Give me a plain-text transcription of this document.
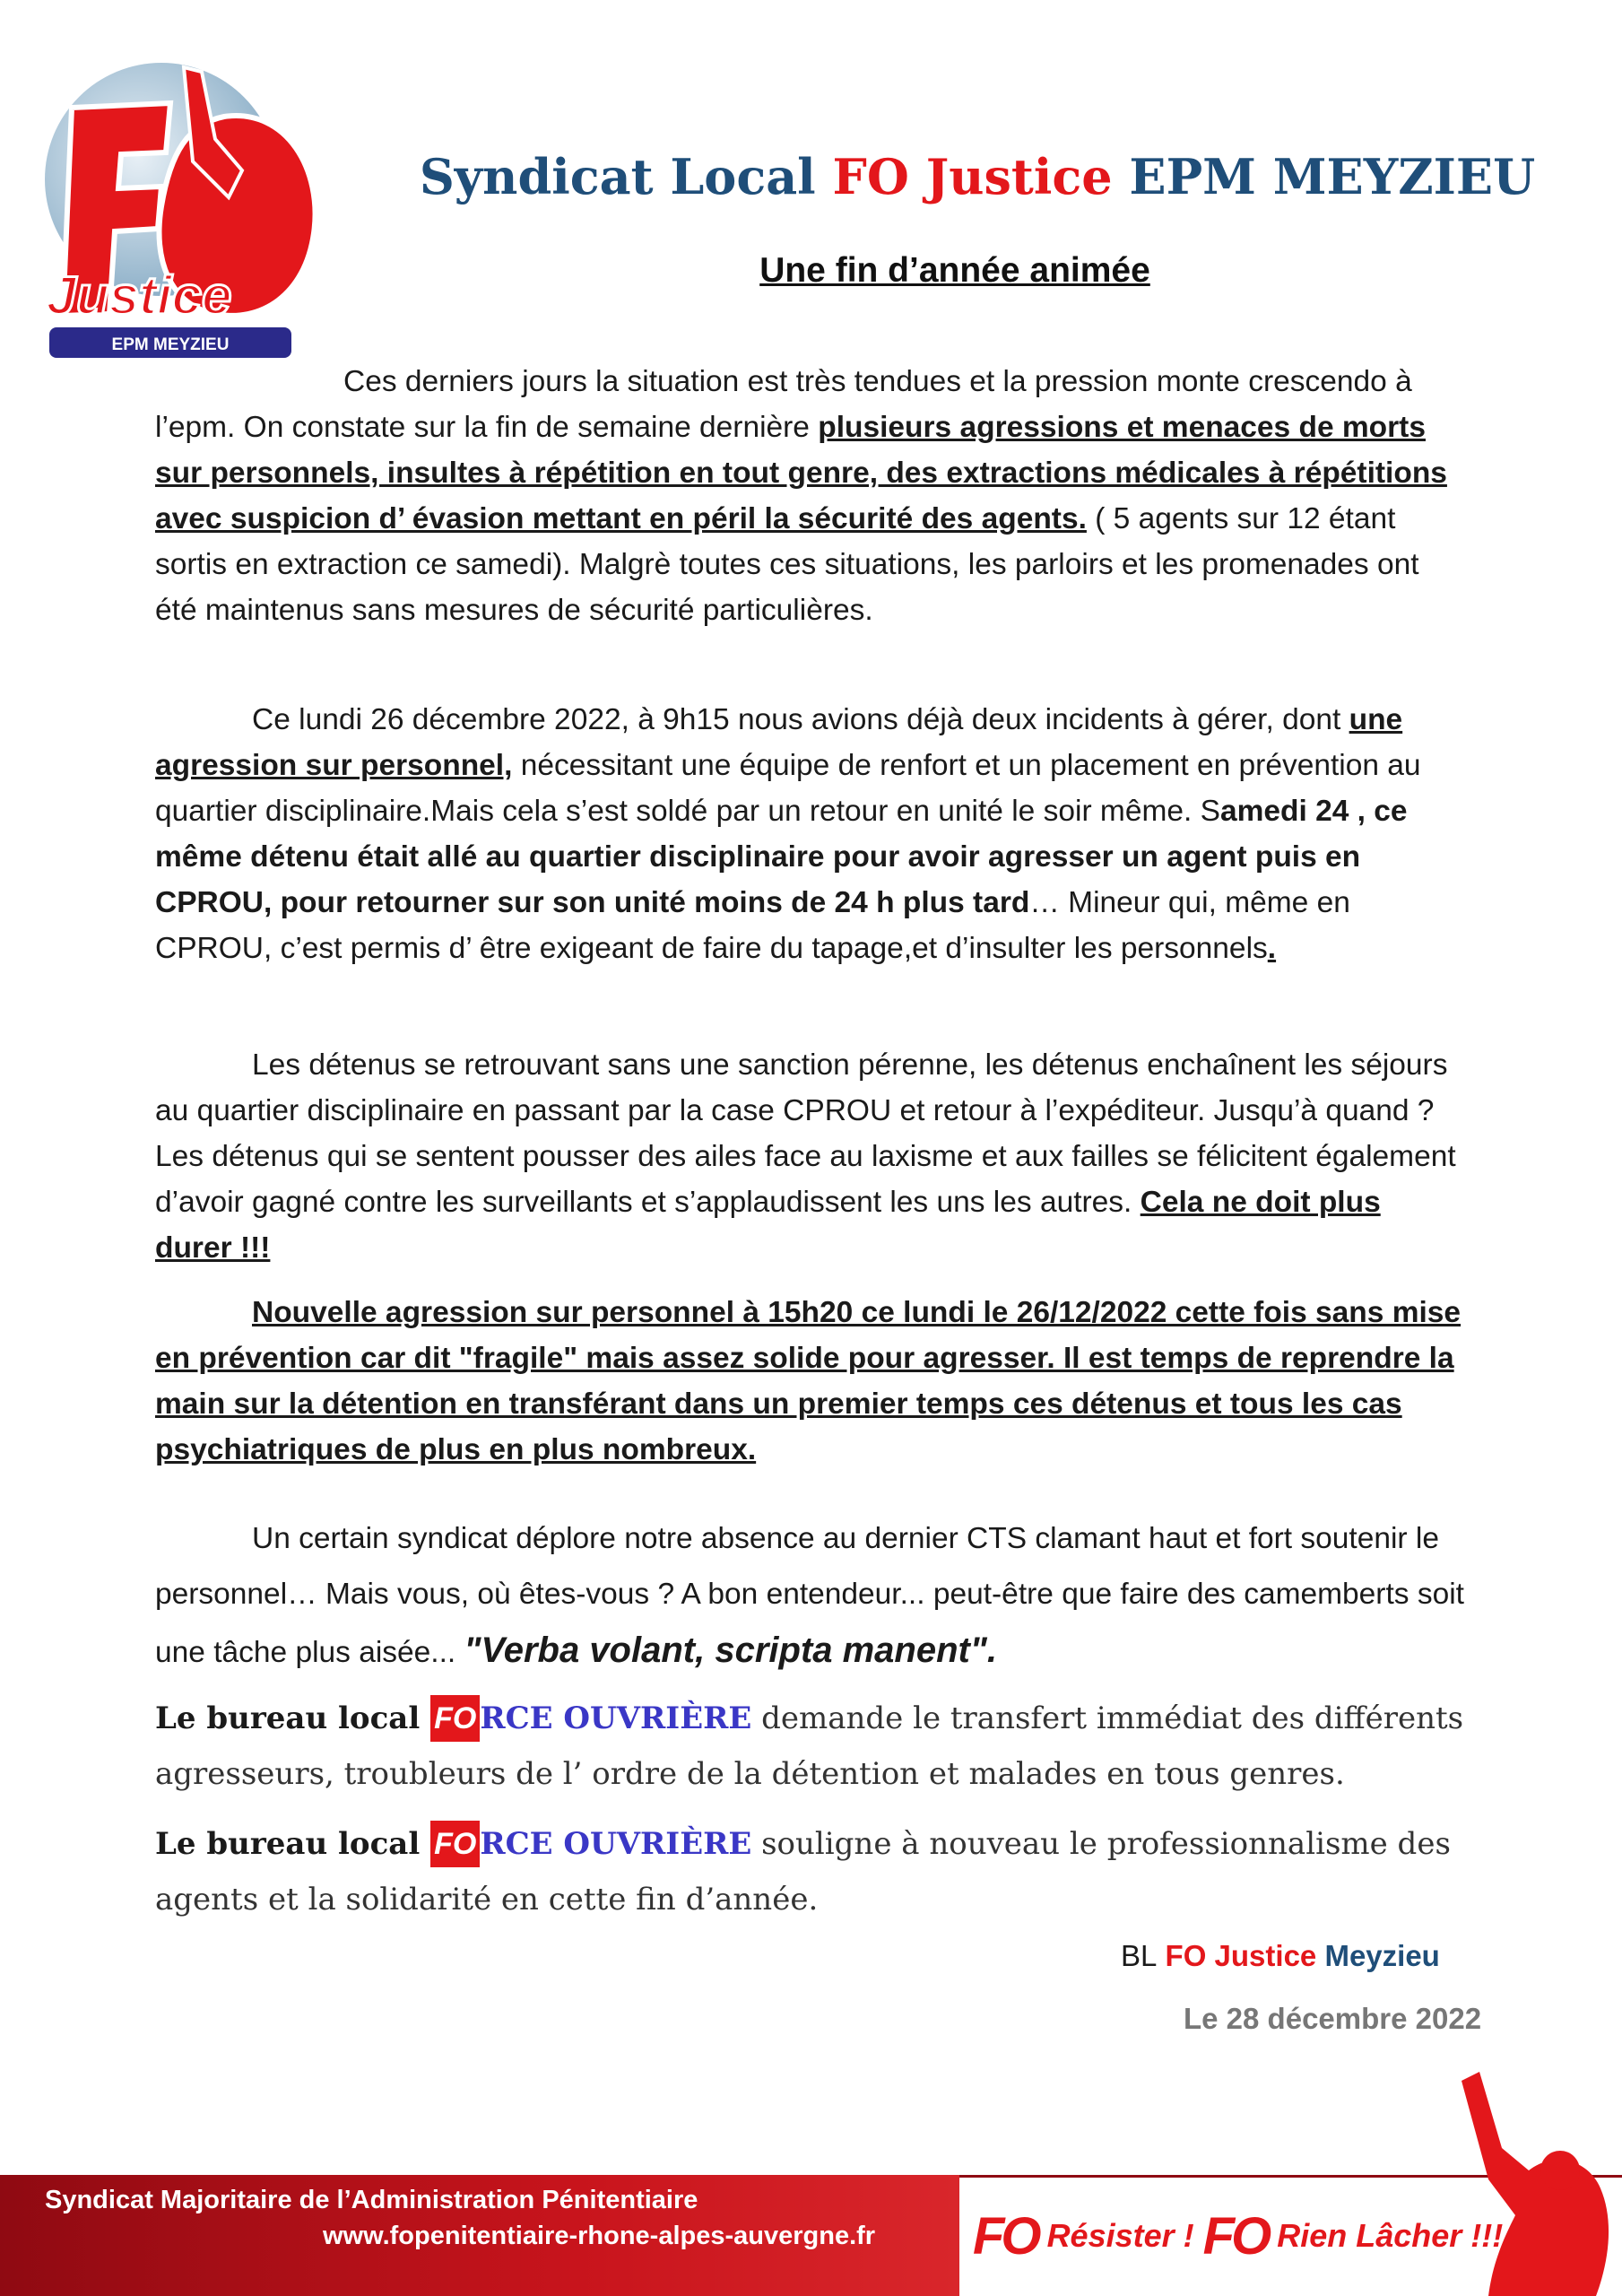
Justice
EPM MEYZIEU
Syndicat Local FO Justice EPM MEYZIEU
Une fin d’année animée

Ces derniers jours la situation est très tendues et la pression monte crescendo à l’epm. On constate sur la fin de semaine dernière plusieurs agressions et menaces de morts sur personnels, insultes à répétition en tout genre, des extractions médicales à répétitions avec suspicion d’ évasion mettant en péril la sécurité des agents. ( 5 agents sur 12 étant sortis en extraction ce samedi). Malgrè toutes ces situations, les parloirs et les promenades ont été maintenus sans mesures de sécurité particulières.

Ce lundi 26 décembre 2022, à 9h15 nous avions déjà deux incidents à gérer, dont une agression sur personnel, nécessitant une équipe de renfort et un placement en prévention au quartier disciplinaire.Mais cela s’est soldé par un retour en unité le soir même. Samedi 24 , ce même détenu était allé au quartier disciplinaire pour avoir agresser un agent puis en CPROU, pour retourner sur son unité moins de 24 h plus tard… Mineur qui, même en CPROU, c’est permis d’ être exigeant de faire du tapage,et d’insulter les personnels.

Les détenus se retrouvant sans une sanction pérenne, les détenus enchaînent les séjours au quartier disciplinaire en passant par la case CPROU et retour à l’expéditeur. Jusqu’à quand ? Les détenus qui se sentent pousser des ailes face au laxisme et aux failles se félicitent également d’avoir gagné contre les surveillants et s’applaudissent les uns les autres. Cela ne doit plus durer !!!

Nouvelle agression sur personnel à 15h20 ce lundi le 26/12/2022 cette fois sans mise en prévention car dit "fragile" mais assez solide pour agresser. Il est temps de reprendre la main sur la détention en transférant dans un premier temps ces détenus et tous les cas psychiatriques de plus en plus nombreux.

Un certain syndicat déplore notre absence au dernier CTS clamant haut et fort soutenir le personnel… Mais vous, où êtes-vous ? A bon entendeur... peut-être que faire des camemberts soit une tâche plus aisée... "Verba volant, scripta manent".

Le bureau local FO RCE OUVRIÈRE demande le transfert immédiat des différents agresseurs, troubleurs de l’ ordre de la détention et malades en tous genres.

Le bureau local FO RCE OUVRIÈRE souligne à nouveau le professionnalisme des agents et la solidarité en cette fin d’année.

BL FO Justice Meyzieu
Le 28 décembre 2022
Syndicat Majoritaire de l’Administration Pénitentiaire
www.fopenitentiaire-rhone-alpes-auvergne.fr FO Résister ! FO Rien Lâcher !!!
